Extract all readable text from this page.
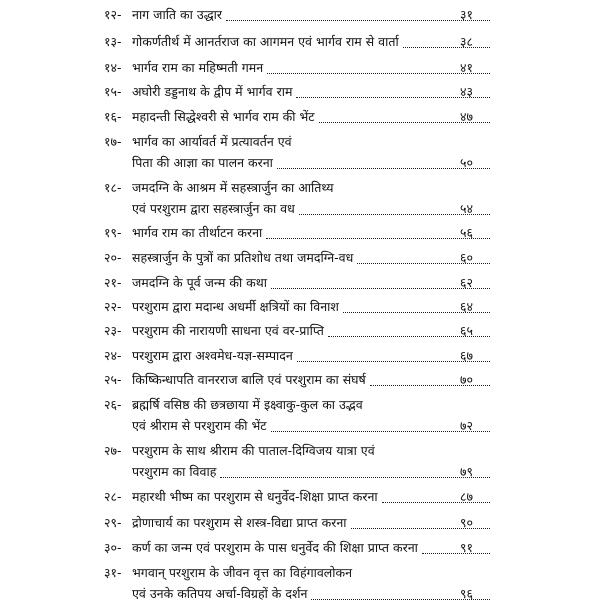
१२- नाग जाति का उद्धार	३१
१३- गोकर्णतीर्थ में आनर्तराज का आगमन एवं भार्गव राम से वार्ता	३८
१४- भार्गव राम का महिष्मती गमन	४१
१५- अघोरी डड्डनाथ के द्वीप में भार्गव राम	४३
१६- महादन्ती सिद्धेश्वरी से भार्गव राम की भेंट	४७
१७- भार्गव का आर्यावर्त में प्रत्यावर्तन एवं
पिता की आज्ञा का पालन करना	५०
१८- जमदग्नि के आश्रम में सहस्त्रार्जुन का आतिथ्य
एवं परशुराम द्वारा सहस्त्रार्जुन का वध	५४
१९- भार्गव राम का तीर्थाटन करना	५६
२०- सहस्त्रार्जुन के पुत्रों का प्रतिशोध तथा जमदग्नि-वध	६०
२१- जमदग्नि के पूर्व जन्म की कथा	६२
२२- परशुराम द्वारा मदान्ध अधर्मी क्षत्रियों का विनाश	६४
२३- परशुराम की नारायणी साधना एवं वर-प्राप्ति	६५
२४- परशुराम द्वारा अश्वमेध-यज्ञ-सम्पादन	६७
२५- किष्किन्धापति वानरराज बालि एवं परशुराम का संघर्ष	७०
२६- ब्रह्मर्षि वसिष्ठ की छत्रछाया में इक्ष्वाकु-कुल का उद्भव
एवं श्रीराम से परशुराम की भेंट	७२
२७- परशुराम के साथ श्रीराम की पाताल-दिग्विजय यात्रा एवं
परशुराम का विवाह	७९
२८- महारथी भीष्म का परशुराम से धनुर्वेद-शिक्षा प्राप्त करना	८७
२९- द्रोणाचार्य का परशुराम से शस्त्र-विद्या प्राप्त करना	९०
३०- कर्ण का जन्म एवं परशुराम के पास धनुर्वेद की शिक्षा प्राप्त करना	९१
३१- भगवान् परशुराम के जीवन वृत्त का विहंगावलोकन
एवं उनके कतिपय अर्चा-विग्रहों के दर्शन	९६
